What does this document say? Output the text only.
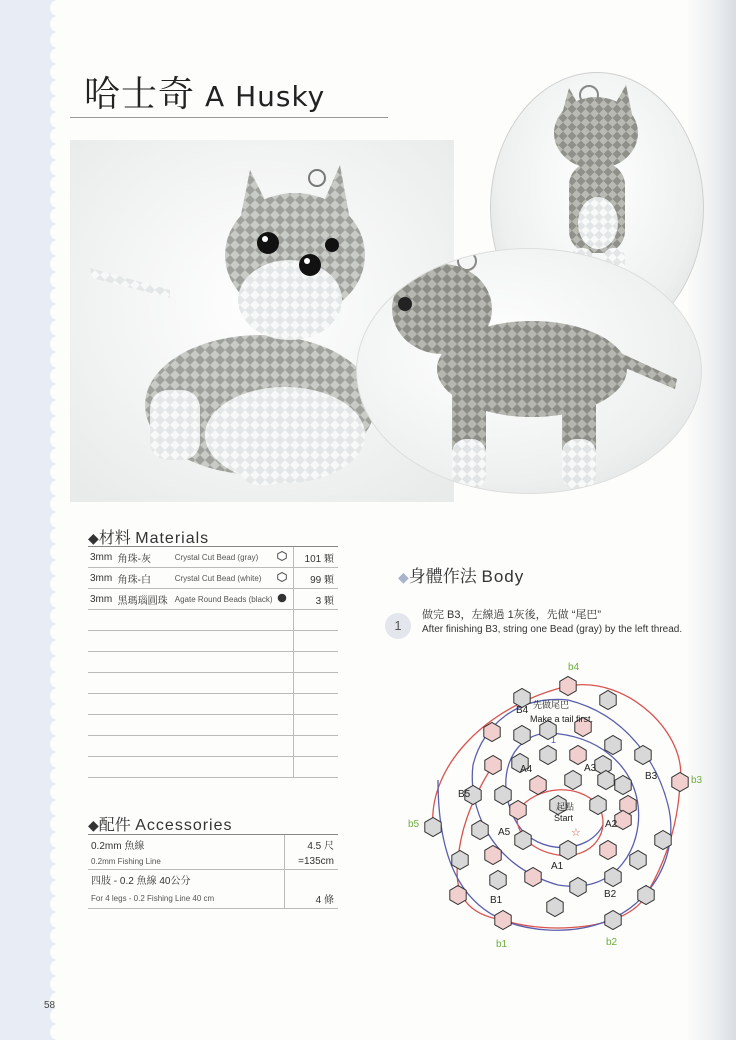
哈士奇 A Husky
◆材料 Materials
3mm	角珠-灰	Crystal Cut Bead (gray)		101 顆
3mm	角珠-白	Crystal Cut Bead (white)		99 顆
3mm	黑瑪瑙圓珠	Agate Round Beads (black)		3 顆

◆配件 Accessories
0.2mm 魚線	4.5 尺
0.2mm Fishing Line	=135cm
四肢 - 0.2 魚線 40公分	
For 4 legs - 0.2 Fishing Line 40 cm	4 條
◆身體作法 Body
1
做完 B3，左線過 1灰後，先做 “尾巴”
After finishing B3, string one Bead (gray) by the left thread.
B4
A4	A3
B3
B5
A5
A2
A1
B1
B2
先做尾巴
Make a tail first.
起點
Start
1
b4
b3
b5
b1	b2
☆
58
